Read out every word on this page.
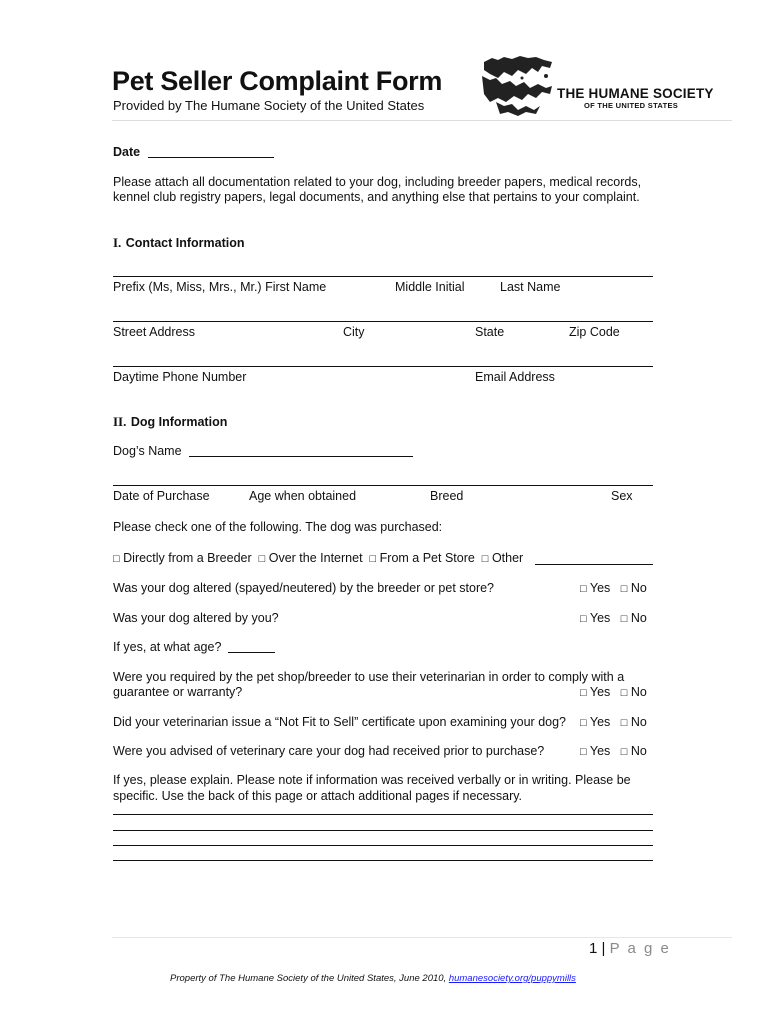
Pet Seller Complaint Form
Provided by The Humane Society of the United States
THE HUMANE SOCIETY
OF THE UNITED STATES
Date
Please attach all documentation related to your dog, including breeder papers, medical records,
kennel club registry papers, legal documents, and anything else that pertains to your complaint.
I. Contact Information
Prefix (Ms, Miss, Mrs., Mr.) First Name	Middle Initial	Last Name
Street Address	City	State	Zip Code
Daytime Phone Number	Email Address
II. Dog Information
Dog’s Name
Date of Purchase	Age when obtained	Breed	Sex
Please check one of the following. The dog was purchased:
□ Directly from a Breeder □ Over the Internet □ From a Pet Store □ Other
Was your dog altered (spayed/neutered) by the breeder or pet store?	□ Yes □ No
Was your dog altered by you?	□ Yes □ No
If yes, at what age?
Were you required by the pet shop/breeder to use their veterinarian in order to comply with a
guarantee or warranty?	□ Yes □ No
Did your veterinarian issue a “Not Fit to Sell” certificate upon examining your dog? □ Yes □ No
Were you advised of veterinary care your dog had received prior to purchase?	□ Yes □ No
If yes, please explain. Please note if information was received verbally or in writing. Please be
specific. Use the back of this page or attach additional pages if necessary.
1 | P a g e
Property of The Humane Society of the United States, June 2010, humanesociety.org/puppymills
